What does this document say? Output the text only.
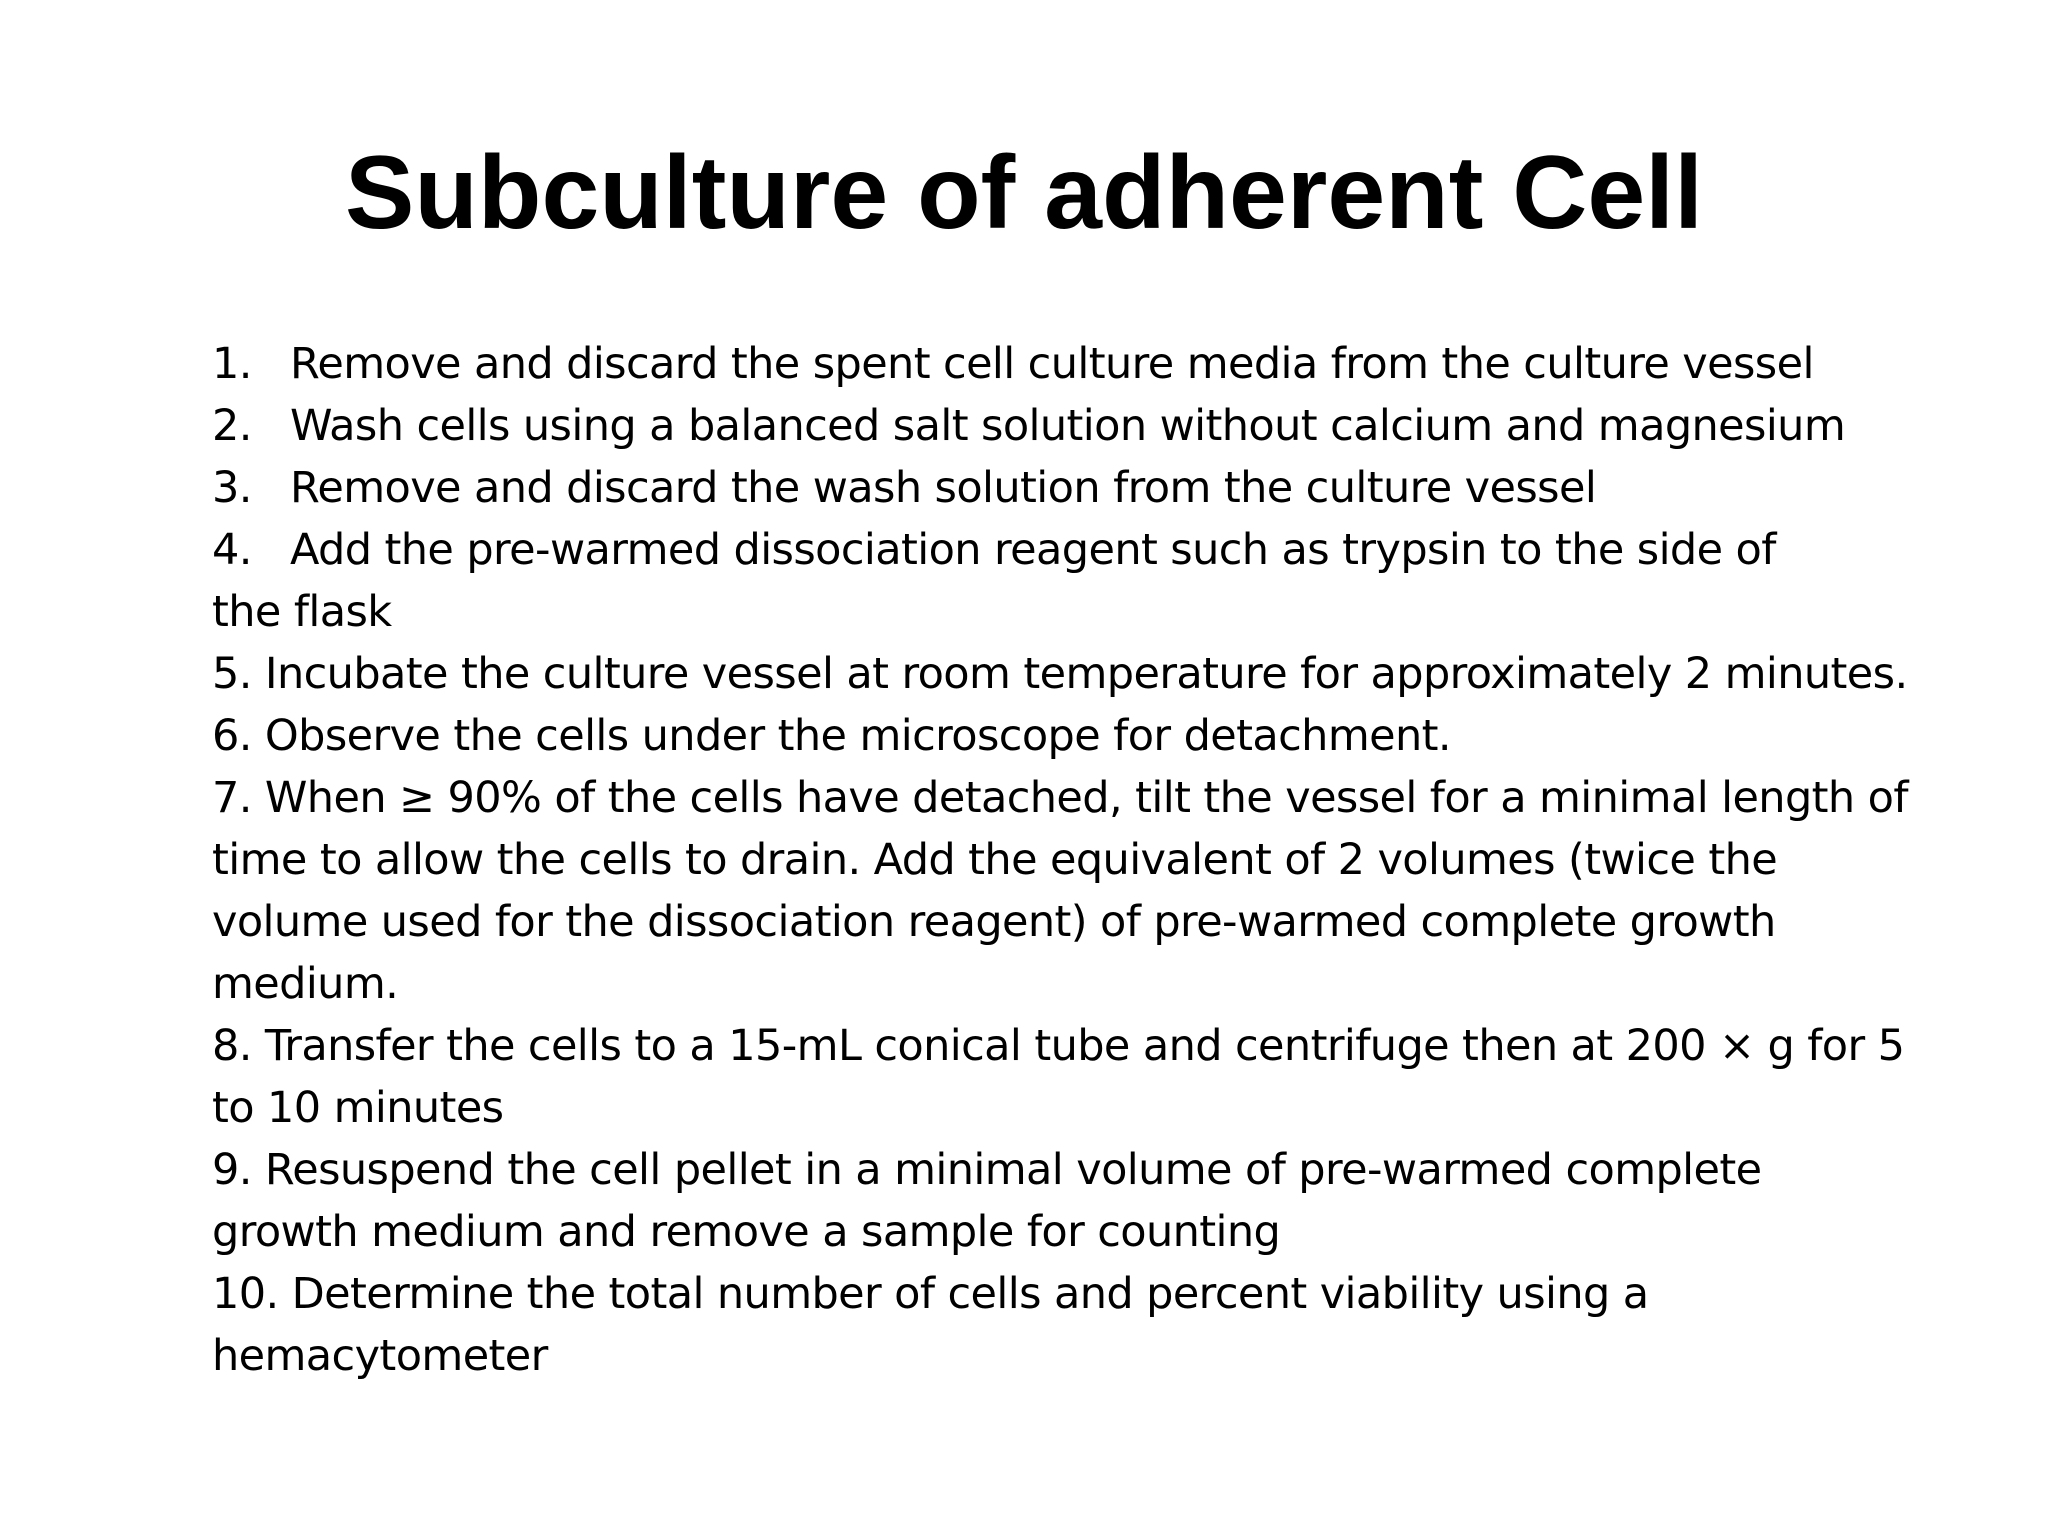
Subculture of adherent Cell
1. Remove and discard the spent cell culture media from the culture vessel
2. Wash cells using a balanced salt solution without calcium and magnesium
3. Remove and discard the wash solution from the culture vessel
4. Add the pre-warmed dissociation reagent such as trypsin to the side of
the flask
5. Incubate the culture vessel at room temperature for approximately 2 minutes.
6. Observe the cells under the microscope for detachment.
7. When ≥ 90% of the cells have detached, tilt the vessel for a minimal length of
time to allow the cells to drain. Add the equivalent of 2 volumes (twice the
volume used for the dissociation reagent) of pre-warmed complete growth
medium.
8. Transfer the cells to a 15-mL conical tube and centrifuge then at 200 × g for 5
to 10 minutes
9. Resuspend the cell pellet in a minimal volume of pre-warmed complete
growth medium and remove a sample for counting
10. Determine the total number of cells and percent viability using a
hemacytometer
